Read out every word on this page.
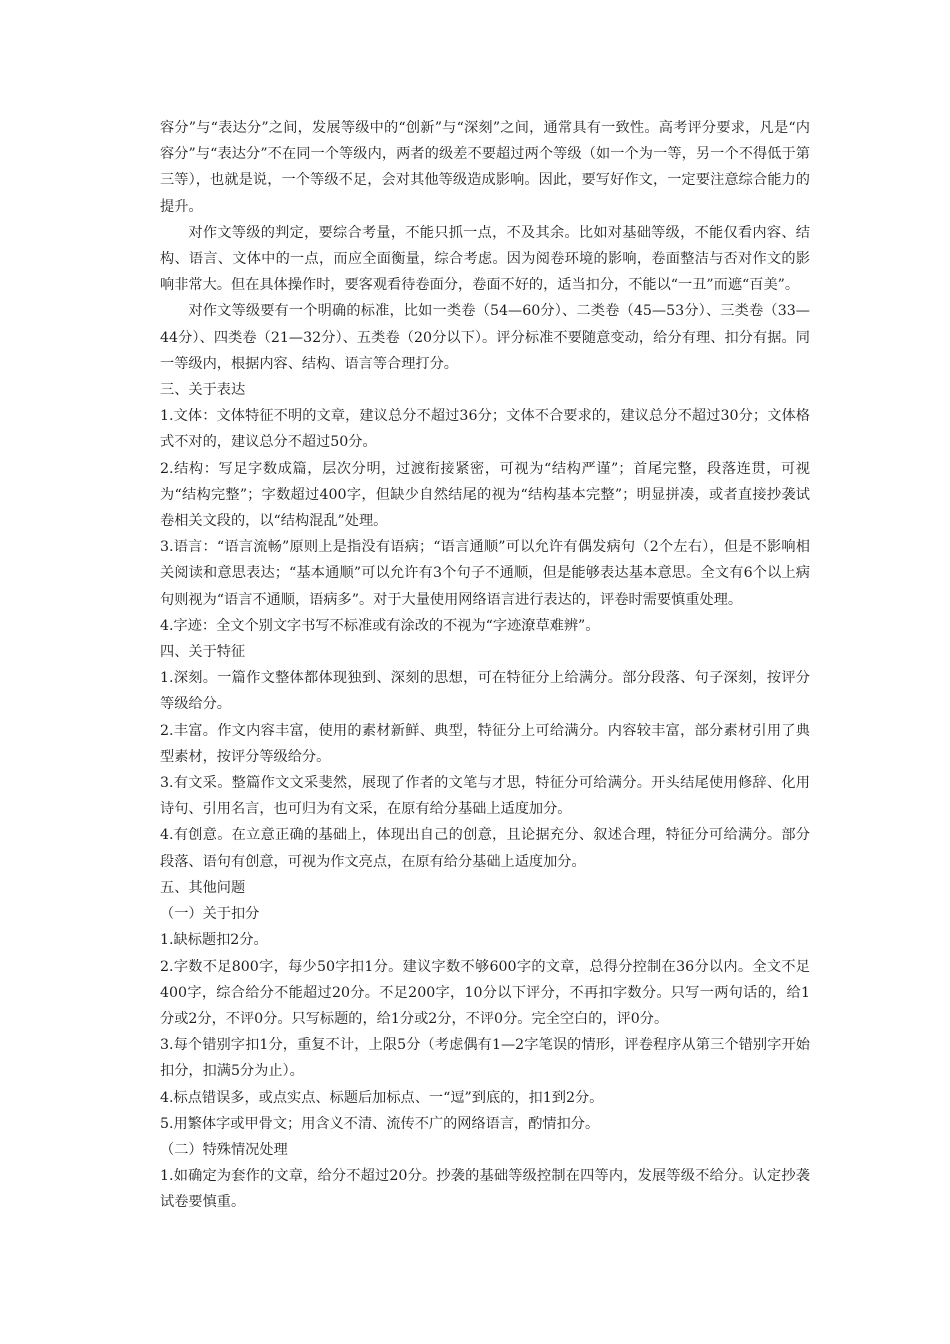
容分”与“表达分”之间，发展等级中的“创新”与“深刻”之间，通常具有一致性。高考评分要求，凡是“内容分”与“表达分”不在同一个等级内，两者的级差不要超过两个等级（如一个为一等，另一个不得低于第三等），也就是说，一个等级不足，会对其他等级造成影响。因此，要写好作文，一定要注意综合能力的提升。

对作文等级的判定，要综合考量，不能只抓一点，不及其余。比如对基础等级，不能仅看内容、结构、语言、文体中的一点，而应全面衡量，综合考虑。因为阅卷环境的影响，卷面整洁与否对作文的影响非常大。但在具体操作时，要客观看待卷面分，卷面不好的，适当扣分，不能以“一丑”而遮“百美”。

对作文等级要有一个明确的标准，比如一类卷（54—60分）、二类卷（45—53分）、三类卷（33—44分）、四类卷（21—32分）、五类卷（20分以下）。评分标准不要随意变动，给分有理、扣分有据。同一等级内，根据内容、结构、语言等合理打分。

三、关于表达

1.文体：文体特征不明的文章，建议总分不超过36分；文体不合要求的，建议总分不超过30分；文体格式不对的，建议总分不超过50分。

2.结构：写足字数成篇，层次分明，过渡衔接紧密，可视为“结构严谨”；首尾完整，段落连贯，可视为“结构完整”；字数超过400字，但缺少自然结尾的视为“结构基本完整”；明显拼凑，或者直接抄袭试卷相关文段的，以“结构混乱”处理。

3.语言：“语言流畅”原则上是指没有语病；“语言通顺”可以允许有偶发病句（2个左右），但是不影响相关阅读和意思表达；“基本通顺”可以允许有3个句子不通顺，但是能够表达基本意思。全文有6个以上病句则视为“语言不通顺，语病多”。对于大量使用网络语言进行表达的，评卷时需要慎重处理。

4.字迹：全文个别文字书写不标准或有涂改的不视为“字迹潦草难辨”。

四、关于特征

1.深刻。一篇作文整体都体现独到、深刻的思想，可在特征分上给满分。部分段落、句子深刻，按评分等级给分。

2.丰富。作文内容丰富，使用的素材新鲜、典型，特征分上可给满分。内容较丰富，部分素材引用了典型素材，按评分等级给分。

3.有文采。整篇作文文采斐然，展现了作者的文笔与才思，特征分可给满分。开头结尾使用修辞、化用诗句、引用名言，也可归为有文采，在原有给分基础上适度加分。

4.有创意。在立意正确的基础上，体现出自己的创意，且论据充分、叙述合理，特征分可给满分。部分段落、语句有创意，可视为作文亮点，在原有给分基础上适度加分。

五、其他问题

（一）关于扣分

1.缺标题扣2分。

2.字数不足800字，每少50字扣1分。建议字数不够600字的文章，总得分控制在36分以内。全文不足400字，综合给分不能超过20分。不足200字，10分以下评分，不再扣字数分。只写一两句话的，给1分或2分，不评0分。只写标题的，给1分或2分，不评0分。完全空白的，评0分。

3.每个错别字扣1分，重复不计，上限5分（考虑偶有1—2字笔误的情形，评卷程序从第三个错别字开始扣分，扣满5分为止）。

4.标点错误多，或点实点、标题后加标点、一“逗”到底的，扣1到2分。

5.用繁体字或甲骨文；用含义不清、流传不广的网络语言，酌情扣分。

（二）特殊情况处理

1.如确定为套作的文章，给分不超过20分。抄袭的基础等级控制在四等内，发展等级不给分。认定抄袭试卷要慎重。
